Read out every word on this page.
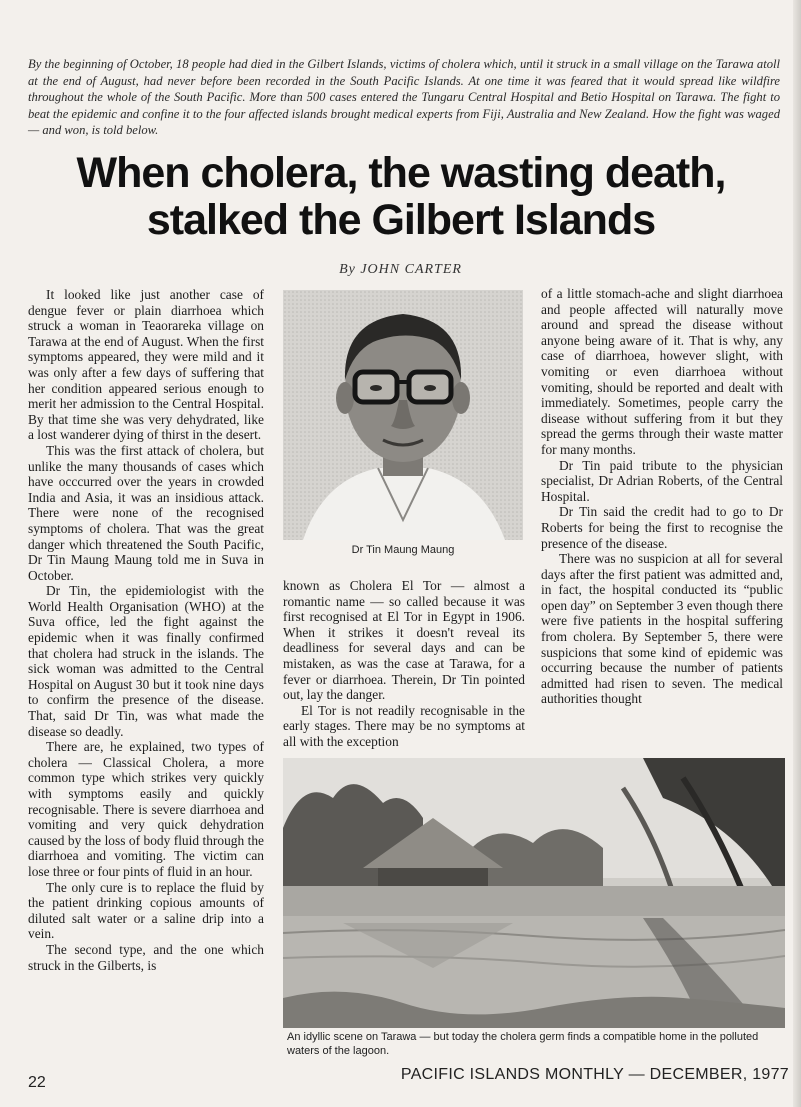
By the beginning of October, 18 people had died in the Gilbert Islands, victims of cholera which, until it struck in a small village on the Tarawa atoll at the end of August, had never before been recorded in the South Pacific Islands. At one time it was feared that it would spread like wildfire throughout the whole of the South Pacific. More than 500 cases entered the Tungaru Central Hospital and Betio Hospital on Tarawa. The fight to beat the epidemic and confine it to the four affected islands brought medical experts from Fiji, Australia and New Zealand. How the fight was waged — and won, is told below.
When cholera, the wasting death,
stalked the Gilbert Islands
By JOHN CARTER

It looked like just another case of dengue fever or plain diarrhoea which struck a woman in Teaorareka village on Tarawa at the end of August. When the first symptoms appeared, they were mild and it was only after a few days of suffering that her condition appeared serious enough to merit her admission to the Central Hospital. By that time she was very dehydrated, like a lost wanderer dying of thirst in the desert.

This was the first attack of cholera, but unlike the many thousands of cases which have occcurred over the years in crowded India and Asia, it was an insidious attack. There were none of the recognised symptoms of cholera. That was the great danger which threatened the South Pacific, Dr Tin Maung Maung told me in Suva in October.

Dr Tin, the epidemiologist with the World Health Organisation (WHO) at the Suva office, led the fight against the epidemic when it was finally confirmed that cholera had struck in the islands. The sick woman was admitted to the Central Hospital on August 30 but it took nine days to confirm the presence of the disease. That, said Dr Tin, was what made the disease so deadly.

There are, he explained, two types of cholera — Classical Cholera, a more common type which strikes very quickly with symptoms easily and quickly recognisable. There is severe diarrhoea and vomiting and very quick dehydration caused by the loss of body fluid through the diarrhoea and vomiting. The victim can lose three or four pints of fluid in an hour.

The only cure is to replace the fluid by the patient drinking copious amounts of diluted salt water or a saline drip into a vein.

The second type, and the one which struck in the Gilberts, is

Dr Tin Maung Maung

known as Cholera El Tor — almost a romantic name — so called because it was first recognised at El Tor in Egypt in 1906. When it strikes it doesn't reveal its deadliness for several days and can be mistaken, as was the case at Tarawa, for a fever or diarrhoea. Therein, Dr Tin pointed out, lay the danger.

El Tor is not readily recognisable in the early stages. There may be no symptoms at all with the exception

of a little stomach-ache and slight diarrhoea and people affected will naturally move around and spread the disease without anyone being aware of it. That is why, any case of diarrhoea, however slight, with vomiting or even diarrhoea without vomiting, should be reported and dealt with immediately. Sometimes, people carry the disease without suffering from it but they spread the germs through their waste matter for many months.

Dr Tin paid tribute to the physician specialist, Dr Adrian Roberts, of the Central Hospital.

Dr Tin said the credit had to go to Dr Roberts for being the first to recognise the presence of the disease.

There was no suspicion at all for several days after the first patient was admitted and, in fact, the hospital conducted its “public open day” on September 3 even though there were five patients in the hospital suffering from cholera. By September 5, there were suspicions that some kind of epidemic was occurring because the number of patients admitted had risen to seven. The medical authorities thought

An idyllic scene on Tarawa — but today the cholera germ finds a compatible home in the polluted waters of the lagoon.
22	PACIFIC ISLANDS MONTHLY — DECEMBER, 1977
